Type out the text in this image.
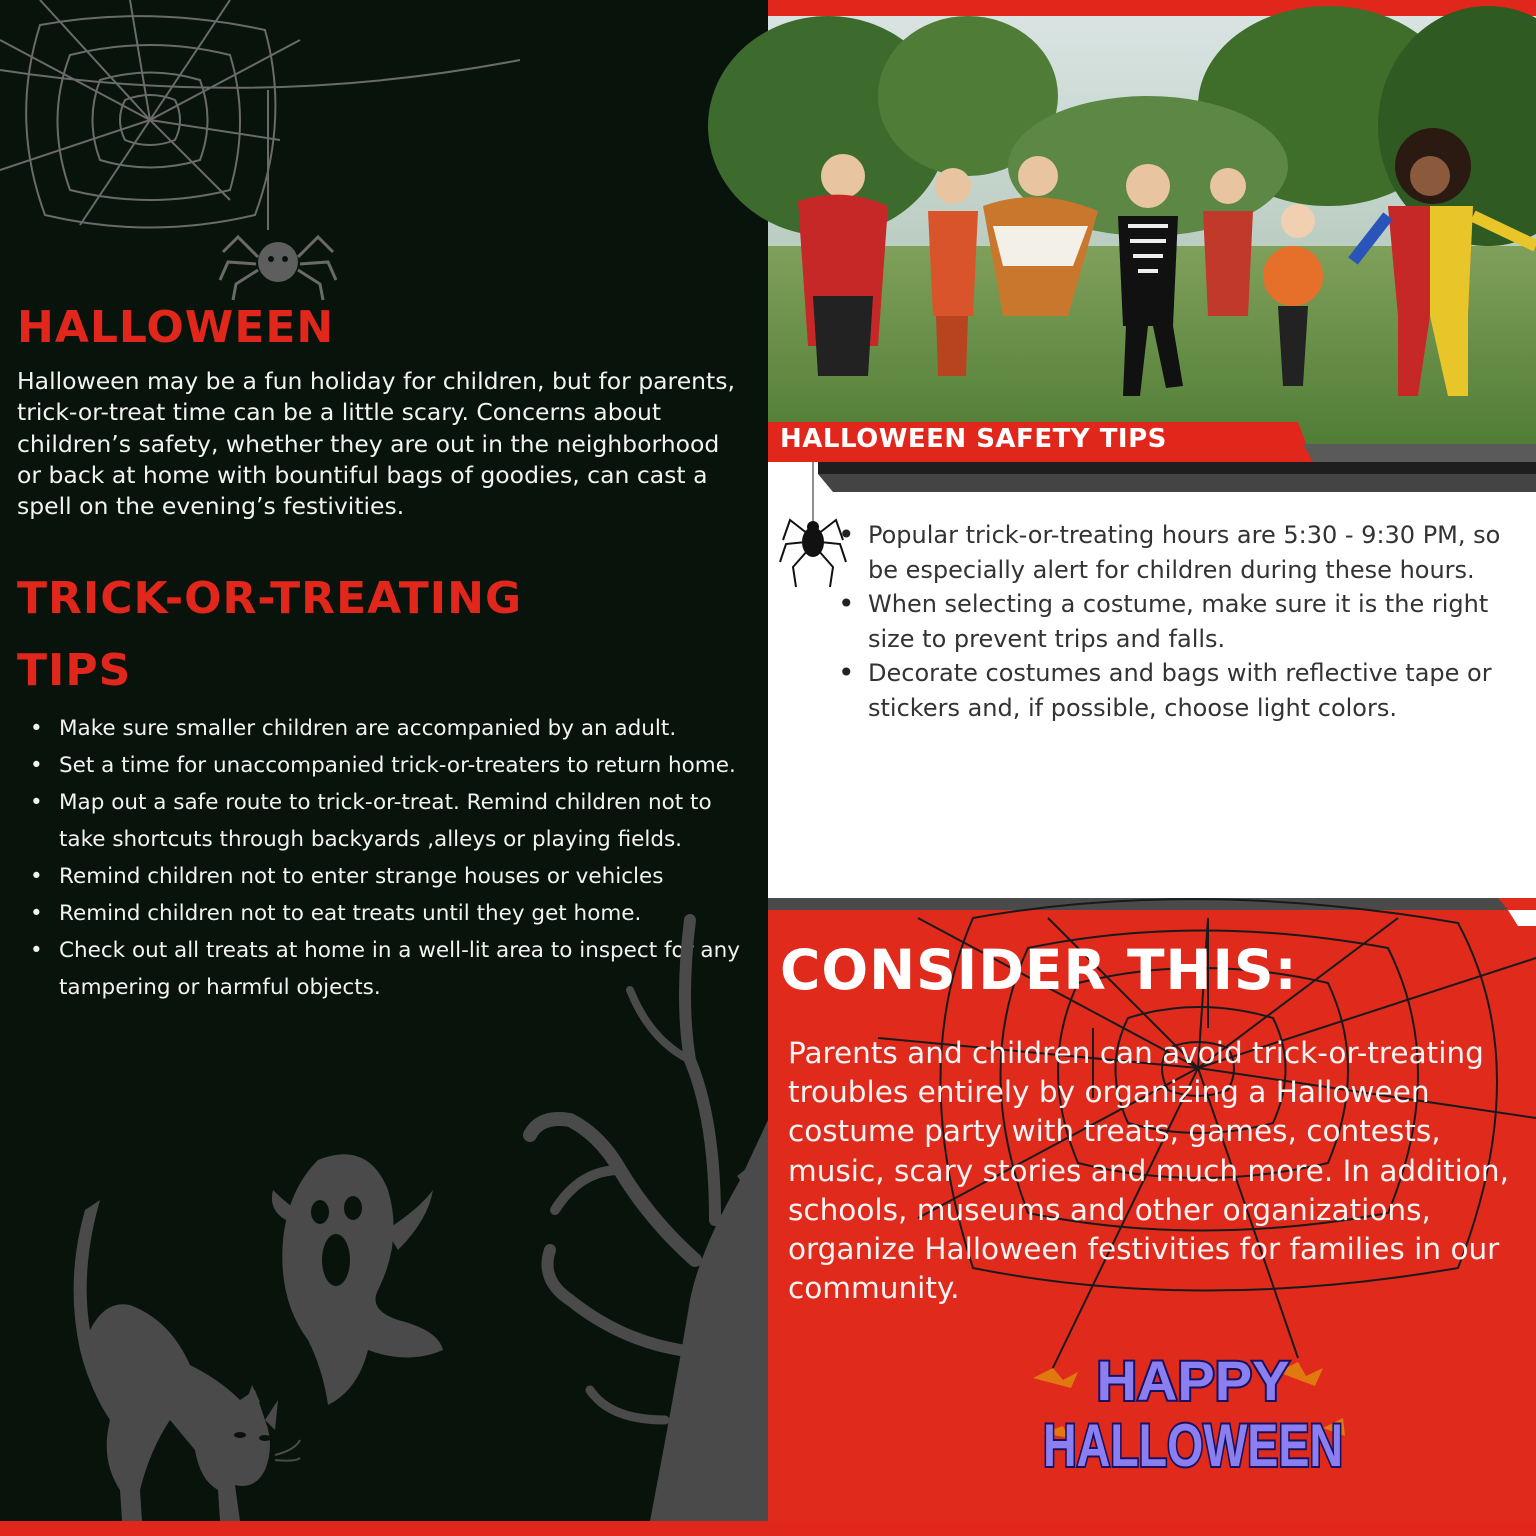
HALLOWEEN
Halloween may be a fun holiday for children, but for parents, trick-or-treat time can be a little scary. Concerns about children’s safety, whether they are out in the neighborhood or back at home with bountiful bags of goodies, can cast a spell on the evening’s festivities.
TRICK-OR-TREATING TIPS
• Make sure smaller children are accompanied by an adult.
• Set a time for unaccompanied trick-or-treaters to return home.
• Map out a safe route to trick-or-treat. Remind children not to take shortcuts through backyards ,alleys or playing fields.
• Remind children not to enter strange houses or vehicles
• Remind children not to eat treats until they get home.
• Check out all treats at home in a well-lit area to inspect for any tampering or harmful objects.
HALLOWEEN SAFETY TIPS
• Popular trick-or-treating hours are 5:30 - 9:30 PM, so be especially alert for children during these hours.
• When selecting a costume, make sure it is the right size to prevent trips and falls.
• Decorate costumes and bags with reflective tape or stickers and, if possible, choose light colors.
CONSIDER THIS:
Parents and children can avoid trick-or-treating troubles entirely by organizing a Halloween costume party with treats, games, contests, music, scary stories and much more. In addition, schools, museums and other organizations, organize Halloween festivities for families in our community.
HAPPY
HALLOWEEN
